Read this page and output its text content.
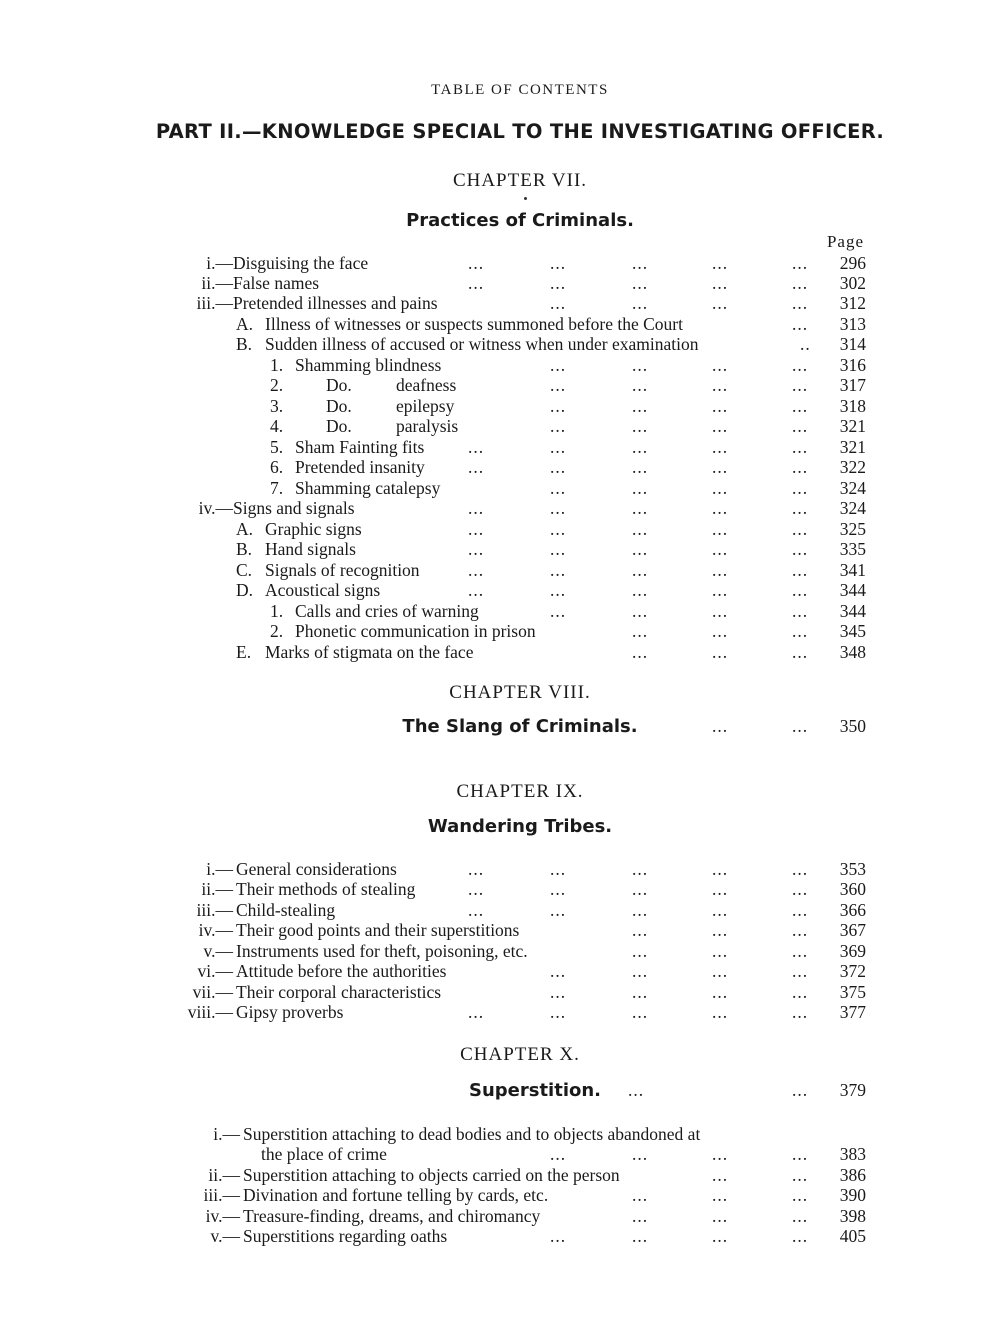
TABLE OF CONTENTS
PART II.—KNOWLEDGE SPECIAL TO THE INVESTIGATING OFFICER.
CHAPTER VII.
Practices of Criminals.
Page
i.— Disguising the face	...	...	...	...	... 296
ii.— False names	...	...	...	...	... 302
iii.— Pretended illnesses and pains	...	...	...	... 312
A. Illness of witnesses or suspects summoned before the Court	... 313
B. Sudden illness of accused or witness when under examination	.. 314
1. Shamming blindness	...	...	...	... 316
2. Do.	deafness	...	...	...	... 317
3. Do.	epilepsy	...	...	...	... 318
4. Do.	paralysis	...	...	...	... 321
5. Sham Fainting fits ...	...	...	...	... 321
6. Pretended insanity ...	...	...	...	... 322
7. Shamming catalepsy	...	...	...	... 324
iv.— Signs and signals	...	...	...	...	... 324
A. Graphic signs	...	...	...	...	... 325
B. Hand signals	...	...	...	...	... 335
C. Signals of recognition	...	...	...	...	... 341
D. Acoustical signs	...	...	...	...	... 344
1. Calls and cries of warning	...	...	...	... 344
2. Phonetic communication in prison	...	...	... 345
E. Marks of stigmata on the face	...	...	... 348
CHAPTER VIII.
The Slang of Criminals.	...	... 350
CHAPTER IX.
Wandering Tribes.
i.— General considerations	...	...	...	...	... 353
ii.— Their methods of stealing	...	...	...	...	... 360
iii.— Child-stealing	...	...	...	...	... 366
iv.— Their good points and their superstitions	...	...	... 367
v.— Instruments used for theft, poisoning, etc.	...	...	... 369
vi.— Attitude before the authorities	...	...	...	... 372
vii.— Their corporal characteristics	...	...	...	... 375
viii.— Gipsy proverbs	...	...	...	...	... 377
CHAPTER X.
Superstition.	...	... 379
i.— Superstition attaching to dead bodies and to objects abandoned at
the place of crime	...	...	...	... 383
ii.— Superstition attaching to objects carried on the person	...	... 386
iii.— Divination and fortune telling by cards, etc.	...	...	... 390
iv.— Treasure-finding, dreams, and chiromancy	...	...	... 398
v.— Superstitions regarding oaths	...	...	...	... 405
